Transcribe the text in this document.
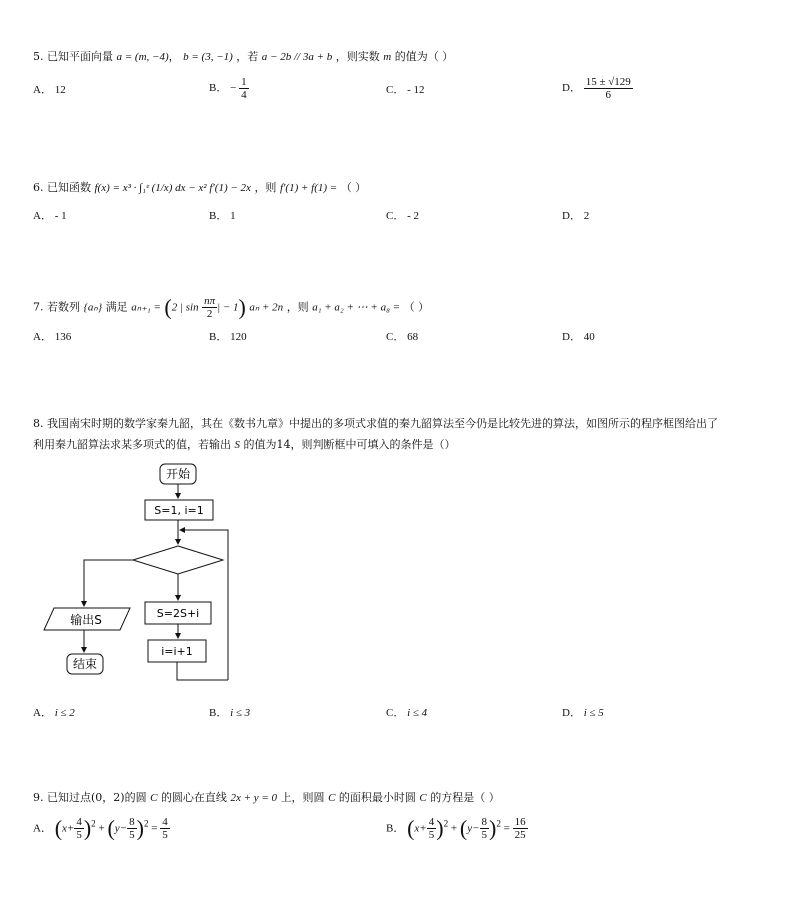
5. 已知平面向量 a = (m, −4)， b = (3, −1) ，若 a − 2b // 3a + b ，则实数 m 的值为（ ）
A． 12	B． − $\frac{1}{4}$	C． - 12	D． $\frac{15 \pm √129}{6}$
6. 已知函数 f(x) = x³ · ∫₁ᵉ (1/x) dx − x² f′(1) − 2x ，则 f′(1) + f(1) = （ ）
A． - 1	B． 1	C． - 2	D． 2
7. 若数列 {aₙ} 满足 aₙ₊₁ = (2 | $\sin \frac{n\pi}{2}$ | − 1) aₙ + 2n ，则 a₁ + a₂ + ⋯ + a₈ = （ ）
A． 136	B． 120	C． 68	D． 40
8. 我国南宋时期的数学家秦九韶，其在《数书九章》中提出的多项式求值的秦九韶算法至今仍是比较先进的算法，如图所示的程序框图给出了
利用秦九韶算法求某多项式的值，若输出 S 的值为14，则判断框中可填入的条件是（）
开始
S=1, i=1
S=2S+i
i=i+1
输出S
结束
A． i ≤ 2	B． i ≤ 3	C． i ≤ 4	D． i ≤ 5
9. 已知过点(0，2)的圆 C 的圆心在直线 2x + y = 0 上，则圆 C 的面积最小时圆 C 的方程是（ ）
A． $(x+ \frac{4}{5} )^2 + (y- \frac{8}{5} )^2 = \frac{4}{5}$	B． $(x+ \frac{4}{5} )^2 + (y- \frac{8}{5} )^2 = \frac{16}{25}$
